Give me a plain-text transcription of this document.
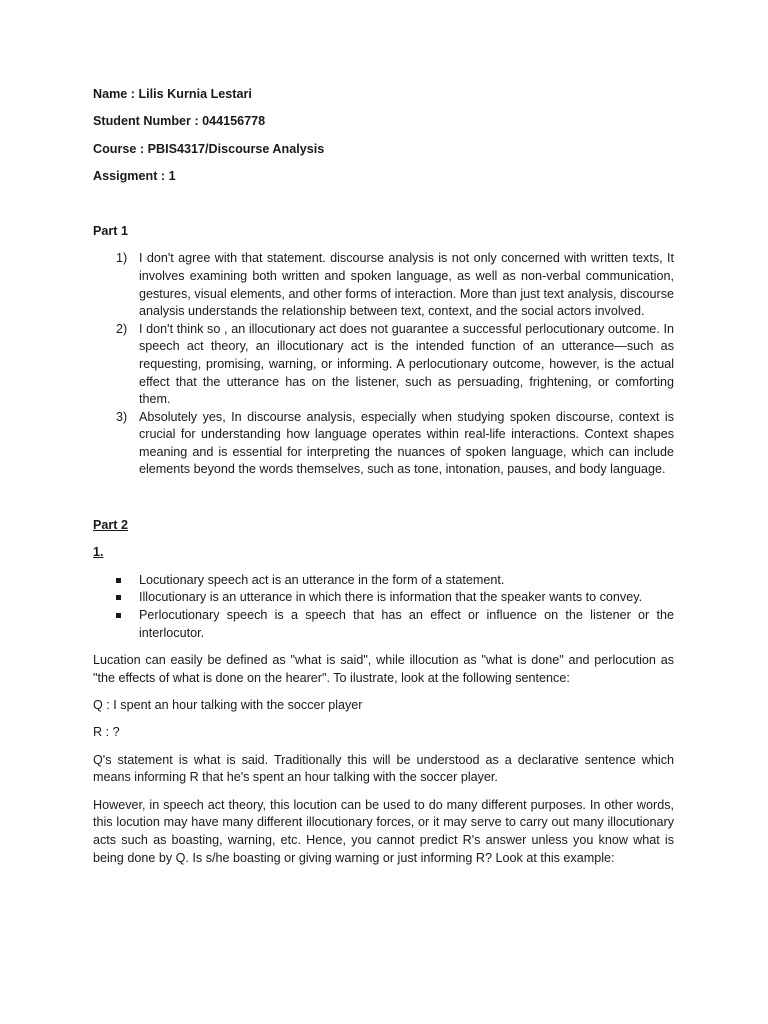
Name : Lilis Kurnia Lestari

Student Number : 044156778

Course : PBIS4317/Discourse Analysis

Assigment : 1

Part 1

1) I don't agree with that statement. discourse analysis is not only concerned with written texts, It involves examining both written and spoken language, as well as non-verbal communication, gestures, visual elements, and other forms of interaction. More than just text analysis, discourse analysis understands the relationship between text, context, and the social actors involved.
2) I don't think so , an illocutionary act does not guarantee a successful perlocutionary outcome. In speech act theory, an illocutionary act is the intended function of an utterance—such as requesting, promising, warning, or informing. A perlocutionary outcome, however, is the actual effect that the utterance has on the listener, such as persuading, frightening, or comforting them.
3) Absolutely yes, In discourse analysis, especially when studying spoken discourse, context is crucial for understanding how language operates within real-life interactions. Context shapes meaning and is essential for interpreting the nuances of spoken language, which can include elements beyond the words themselves, such as tone, intonation, pauses, and body language.

Part 2

1.

Locutionary speech act is an utterance in the form of a statement.
Illocutionary is an utterance in which there is information that the speaker wants to convey.
Perlocutionary speech is a speech that has an effect or influence on the listener or the interlocutor.

Lucation can easily be defined as "what is said", while illocution as "what is done" and perlocution as "the effects of what is done on the hearer". To ilustrate, look at the following sentence:

Q : I spent an hour talking with the soccer player

R : ?

Q's statement is what is said. Traditionally this will be understood as a declarative sentence which means informing R that he's spent an hour talking with the soccer player.

However, in speech act theory, this locution can be used to do many different purposes. In other words, this locution may have many different illocutionary forces, or it may serve to carry out many illocutionary acts such as boasting, warning, etc. Hence, you cannot predict R's answer unless you know what is being done by Q. Is s/he boasting or giving warning or just informing R? Look at this example:
